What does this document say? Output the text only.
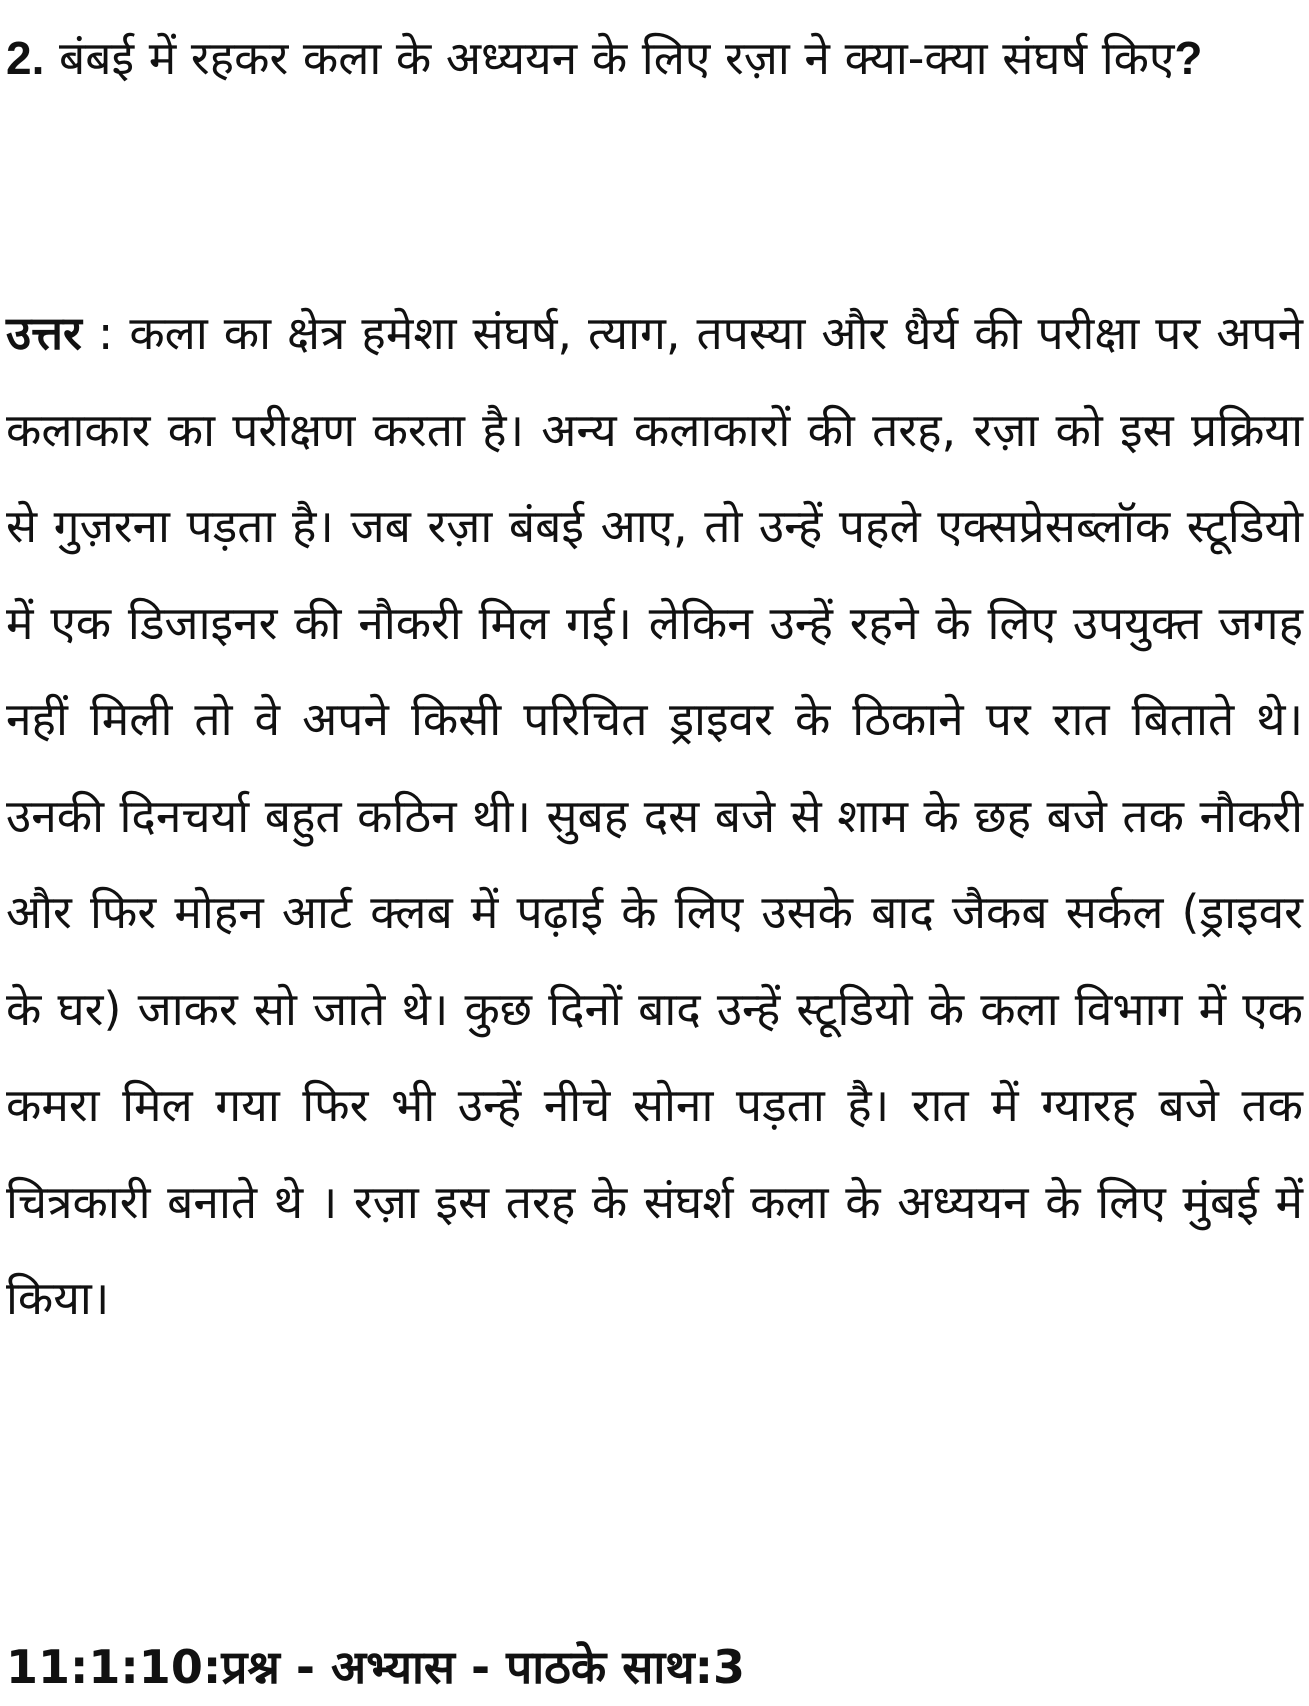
2. बंबई में रहकर कला के अध्ययन के लिए रज़ा ने क्या-क्या संघर्ष किए?

उत्तर : कला का क्षेत्र हमेशा संघर्ष, त्याग, तपस्या और धैर्य की परीक्षा पर अपने कलाकार का परीक्षण करता है। अन्य कलाकारों की तरह, रज़ा को इस प्रक्रिया से गुज़रना पड़ता है। जब रज़ा बंबई आए, तो उन्हें पहले एक्सप्रेसब्लॉक स्टूडियो में एक डिजाइनर की नौकरी मिल गई। लेकिन उन्हें रहने के लिए उपयुक्त जगह नहीं मिली तो वे अपने किसी परिचित ड्राइवर के ठिकाने पर रात बिताते थे। उनकी दिनचर्या बहुत कठिन थी। सुबह दस बजे से शाम के छह बजे तक नौकरी और फिर मोहन आर्ट क्लब में पढ़ाई के लिए उसके बाद जैकब सर्कल (ड्राइवर के घर) जाकर सो जाते थे। कुछ दिनों बाद उन्हें स्टूडियो के कला विभाग में एक कमरा मिल गया फिर भी उन्हें नीचे सोना पड़ता है। रात में ग्यारह बजे तक चित्रकारी बनाते थे । रज़ा इस तरह के संघर्श कला के अध्ययन के लिए मुंबई में किया।

11:1:10:प्रश्न - अभ्यास - पाठके साथ:3
